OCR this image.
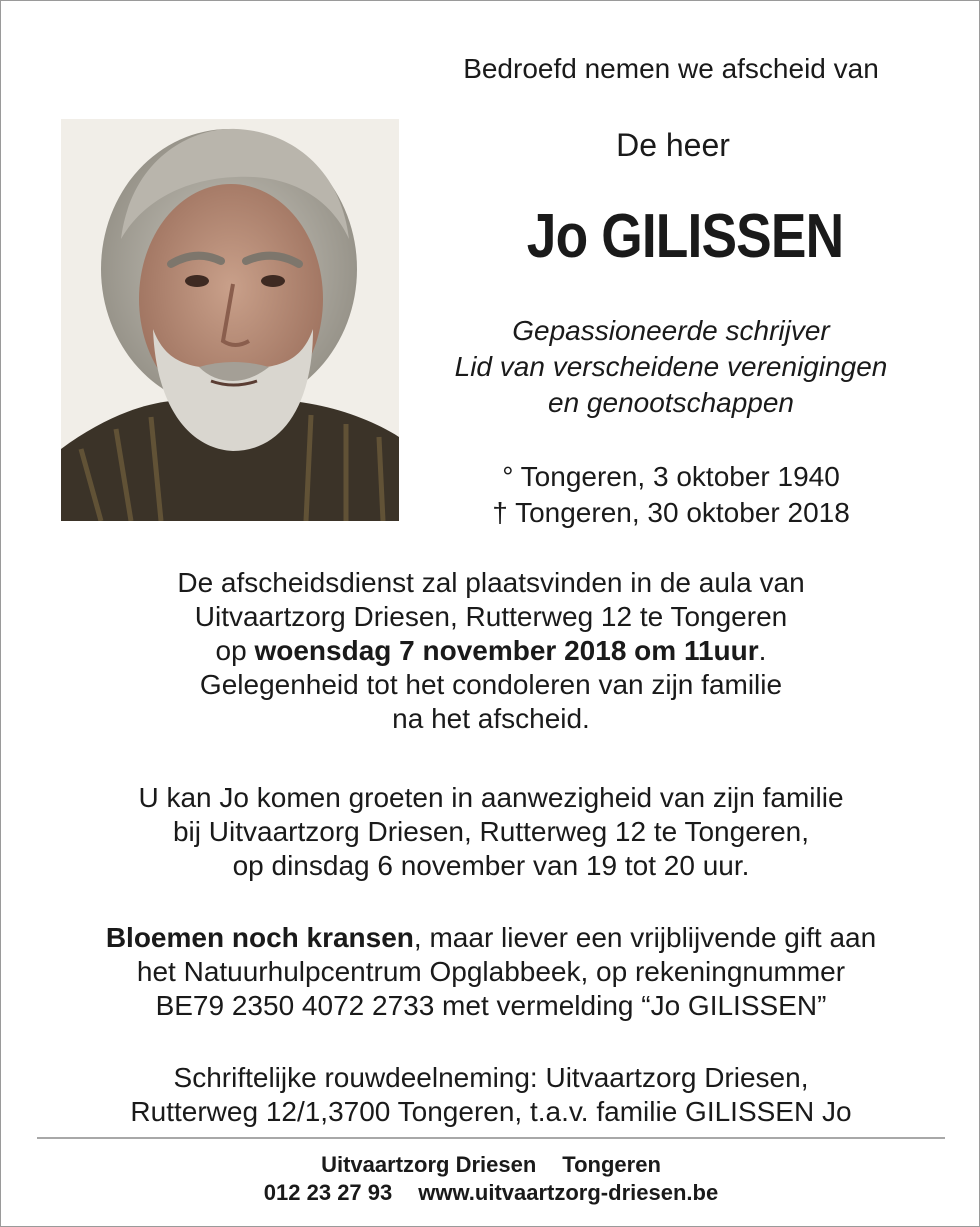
Bedroefd nemen we afscheid van
De heer
Jo GILISSEN
Gepassioneerde schrijver
Lid van verscheidene verenigingen
en genootschappen
° Tongeren, 3 oktober 1940
† Tongeren, 30 oktober 2018
De afscheidsdienst zal plaatsvinden in de aula van
Uitvaartzorg Driesen, Rutterweg 12 te Tongeren
op woensdag 7 november 2018 om 11uur.
Gelegenheid tot het condoleren van zijn familie
na het afscheid.
U kan Jo komen groeten in aanwezigheid van zijn familie
bij Uitvaartzorg Driesen, Rutterweg 12 te Tongeren,
op dinsdag 6 november van 19 tot 20 uur.
Bloemen noch kransen, maar liever een vrijblijvende gift aan
het Natuurhulpcentrum Opglabbeek, op rekeningnummer
BE79 2350 4072 2733 met vermelding “Jo GILISSEN”
Schriftelijke rouwdeelneming: Uitvaartzorg Driesen,
Rutterweg 12/1,3700 Tongeren, t.a.v. familie GILISSEN Jo
Uitvaartzorg Driesen Tongeren
012 23 27 93 www.uitvaartzorg-driesen.be
